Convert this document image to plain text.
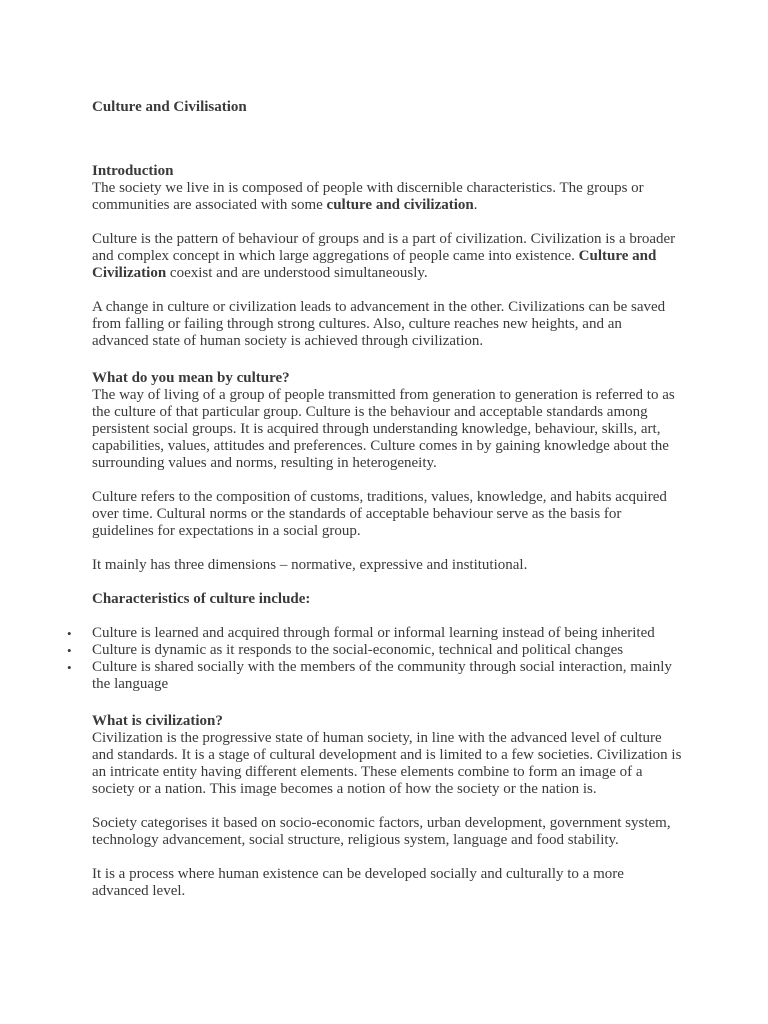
Culture and Civilisation

Introduction

The society we live in is composed of people with discernible characteristics. The groups or communities are associated with some culture and civilization.

Culture is the pattern of behaviour of groups and is a part of civilization. Civilization is a broader and complex concept in which large aggregations of people came into existence. Culture and Civilization coexist and are understood simultaneously.

A change in culture or civilization leads to advancement in the other. Civilizations can be saved from falling or failing through strong cultures. Also, culture reaches new heights, and an advanced state of human society is achieved through civilization.

What do you mean by culture?

The way of living of a group of people transmitted from generation to generation is referred to as the culture of that particular group. Culture is the behaviour and acceptable standards among persistent social groups. It is acquired through understanding knowledge, behaviour, skills, art, capabilities, values, attitudes and preferences. Culture comes in by gaining knowledge about the surrounding values and norms, resulting in heterogeneity.

Culture refers to the composition of customs, traditions, values, knowledge, and habits acquired over time. Cultural norms or the standards of acceptable behaviour serve as the basis for guidelines for expectations in a social group.

It mainly has three dimensions – normative, expressive and institutional.

Characteristics of culture include:

• Culture is learned and acquired through formal or informal learning instead of being inherited
• Culture is dynamic as it responds to the social-economic, technical and political changes
• Culture is shared socially with the members of the community through social interaction, mainly the language

What is civilization?

Civilization is the progressive state of human society, in line with the advanced level of culture and standards. It is a stage of cultural development and is limited to a few societies. Civilization is an intricate entity having different elements. These elements combine to form an image of a society or a nation. This image becomes a notion of how the society or the nation is.

Society categorises it based on socio-economic factors, urban development, government system, technology advancement, social structure, religious system, language and food stability.

It is a process where human existence can be developed socially and culturally to a more advanced level.
